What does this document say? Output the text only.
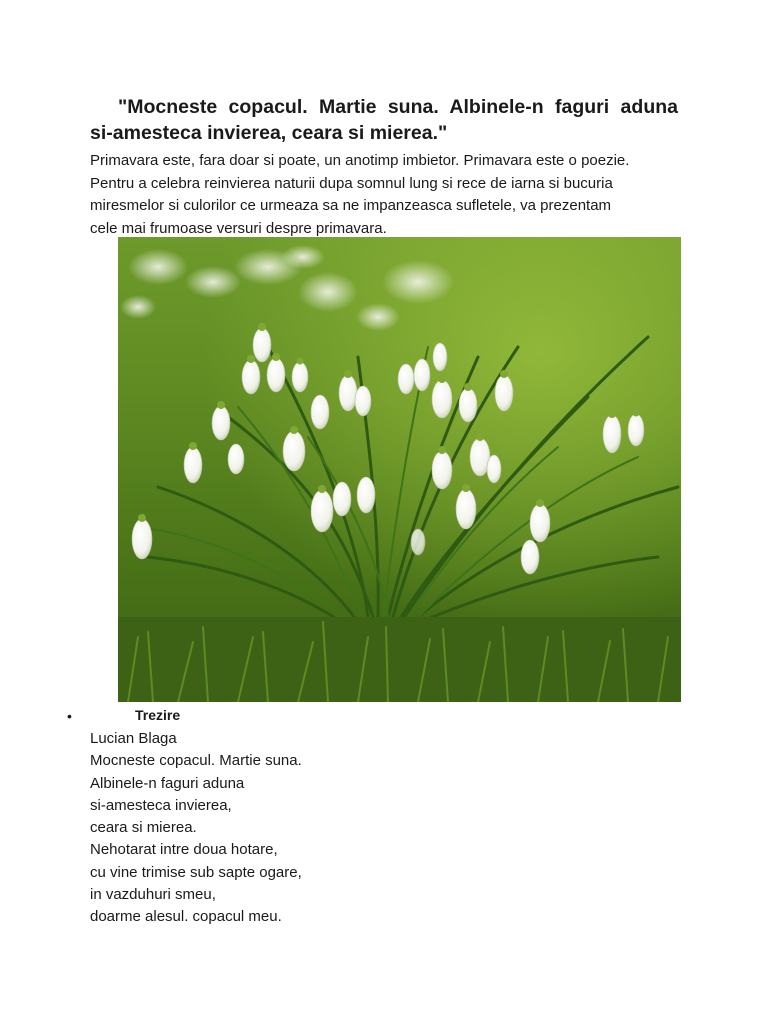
"Mocneste copacul. Martie suna. Albinele-n faguri aduna
si-amesteca invierea, ceara si mierea."
Primavara este, fara doar si poate, un anotimp imbietor. Primavara este o poezie.
Pentru a celebra reinvierea naturii dupa somnul lung si rece de iarna si bucuria
miresmelor si culorilor ce urmeaza sa ne impanzeasca sufletele, va prezentam
cele mai frumoase versuri despre primavara.
•	Trezire
Lucian Blaga
Mocneste copacul. Martie suna.
Albinele-n faguri aduna
si-amesteca invierea,
ceara si mierea.
Nehotarat intre doua hotare,
cu vine trimise sub sapte ogare,
in vazduhuri smeu,
doarme alesul. copacul meu.
